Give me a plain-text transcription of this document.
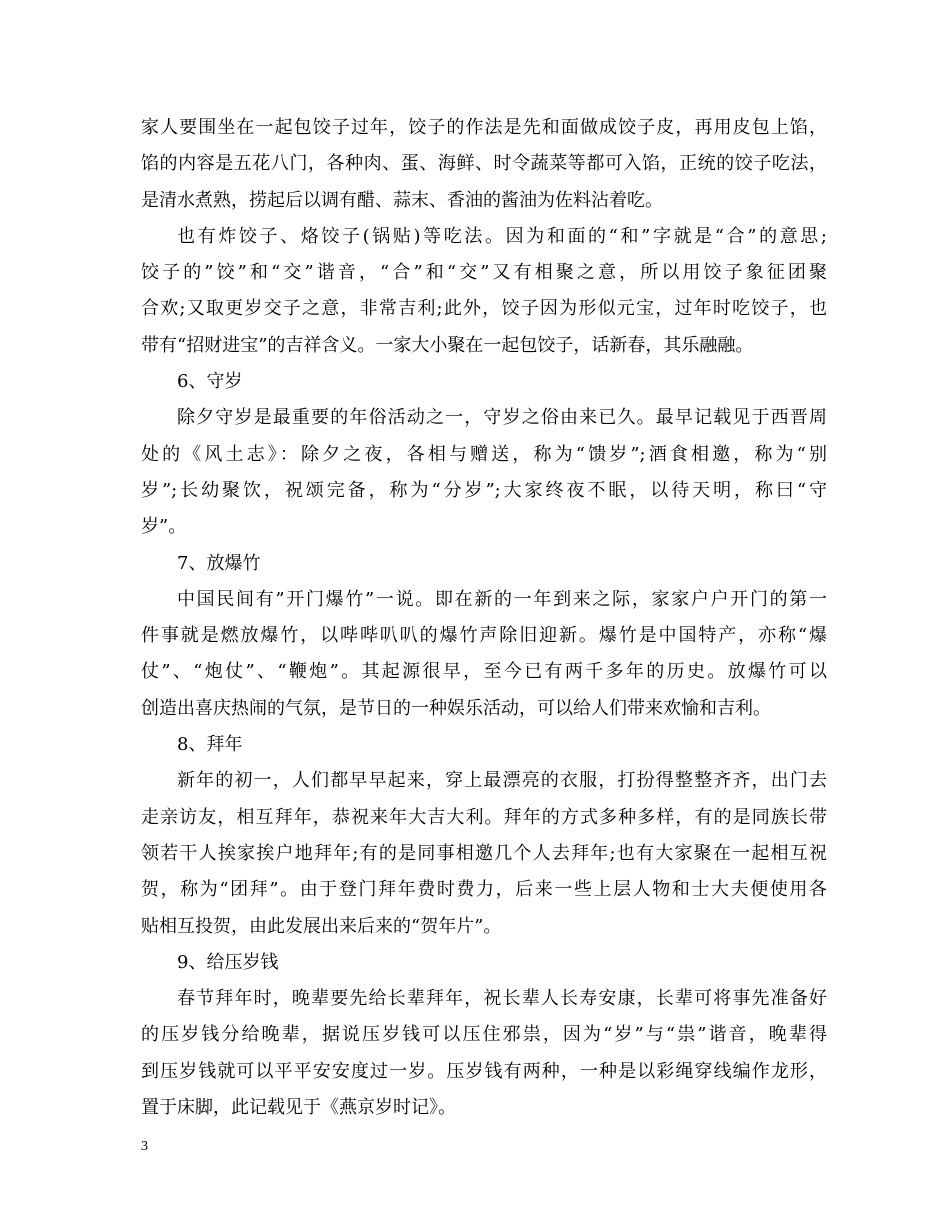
家人要围坐在一起包饺子过年，饺子的作法是先和面做成饺子皮，再用皮包上馅，
馅的内容是五花八门，各种肉、蛋、海鲜、时令蔬菜等都可入馅，正统的饺子吃法，
是清水煮熟，捞起后以调有醋、蒜末、香油的酱油为佐料沾着吃。
也有炸饺子、烙饺子(锅贴)等吃法。因为和面的“和”字就是“合”的意思;
饺子的”饺”和“交”谐音，“合”和“交”又有相聚之意，所以用饺子象征团聚
合欢;又取更岁交子之意，非常吉利;此外，饺子因为形似元宝，过年时吃饺子，也
带有“招财进宝”的吉祥含义。一家大小聚在一起包饺子，话新春，其乐融融。
6、守岁
除夕守岁是最重要的年俗活动之一，守岁之俗由来已久。最早记载见于西晋周
处的《风土志》：除夕之夜，各相与赠送，称为“馈岁”;酒食相邀，称为“别
岁”;长幼聚饮，祝颂完备，称为“分岁”;大家终夜不眠，以待天明，称曰“守
岁”。
7、放爆竹
中国民间有”开门爆竹”一说。即在新的一年到来之际，家家户户开门的第一
件事就是燃放爆竹，以哔哔叭叭的爆竹声除旧迎新。爆竹是中国特产，亦称“爆
仗”、“炮仗”、“鞭炮”。其起源很早，至今已有两千多年的历史。放爆竹可以
创造出喜庆热闹的气氛，是节日的一种娱乐活动，可以给人们带来欢愉和吉利。
8、拜年
新年的初一，人们都早早起来，穿上最漂亮的衣服，打扮得整整齐齐，出门去
走亲访友，相互拜年，恭祝来年大吉大利。拜年的方式多种多样，有的是同族长带
领若干人挨家挨户地拜年;有的是同事相邀几个人去拜年;也有大家聚在一起相互祝
贺，称为“团拜”。由于登门拜年费时费力，后来一些上层人物和士大夫便使用各
贴相互投贺，由此发展出来后来的“贺年片”。
9、给压岁钱
春节拜年时，晚辈要先给长辈拜年，祝长辈人长寿安康，长辈可将事先准备好
的压岁钱分给晚辈，据说压岁钱可以压住邪祟，因为“岁”与“祟”谐音，晚辈得
到压岁钱就可以平平安安度过一岁。压岁钱有两种，一种是以彩绳穿线编作龙形，
置于床脚，此记载见于《燕京岁时记》。
3
